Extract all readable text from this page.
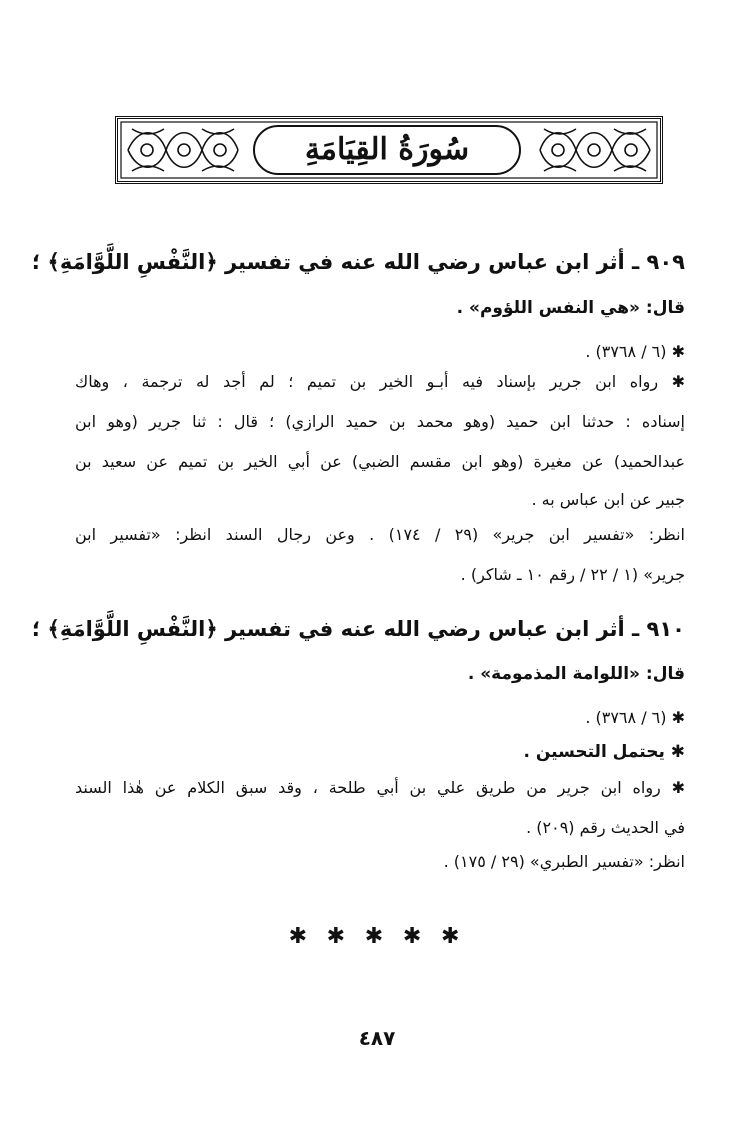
سُورَةُ القِيَامَةِ
٩٠٩ ـ أثر ابن عباس رضي الله عنه في تفسير ﴿النَّفْسِ اللَّوَّامَةِ﴾ ؛
قال: «هي النفس اللؤوم» .
✱ (٦ / ٣٧٦٨) .
✱ رواه ابن جرير بإسناد فيه أبـو الخير بن تميم ؛ لم أجد له ترجمة ، وهاك
إسناده : حدثنا ابن حميد (وهو محمد بن حميد الرازي) ؛ قال : ثنا جرير (وهو ابن
عبدالحميد) عن مغيرة (وهو ابن مقسم الضبي) عن أبي الخير بن تميم عن سعيد بن
جبير عن ابن عباس به .
انظر: «تفسير ابن جرير» (٢٩ / ١٧٤) . وعن رجال السند انظر: «تفسير ابن
جرير» (١ / ٢٢ / رقم ١٠ ـ شاكر) .
٩١٠ ـ أثر ابن عباس رضي الله عنه في تفسير ﴿النَّفْسِ اللَّوَّامَةِ﴾ ؛
قال: «اللوامة المذمومة» .
✱ (٦ / ٣٧٦٨) .
✱ يحتمل التحسين .
✱ رواه ابن جرير من طريق علي بن أبي طلحة ، وقد سبق الكلام عن هٰذا السند
في الحديث رقم (٢٠٩) .
انظر: «تفسير الطبري» (٢٩ / ١٧٥) .
✱ ✱ ✱ ✱ ✱
٤٨٧
